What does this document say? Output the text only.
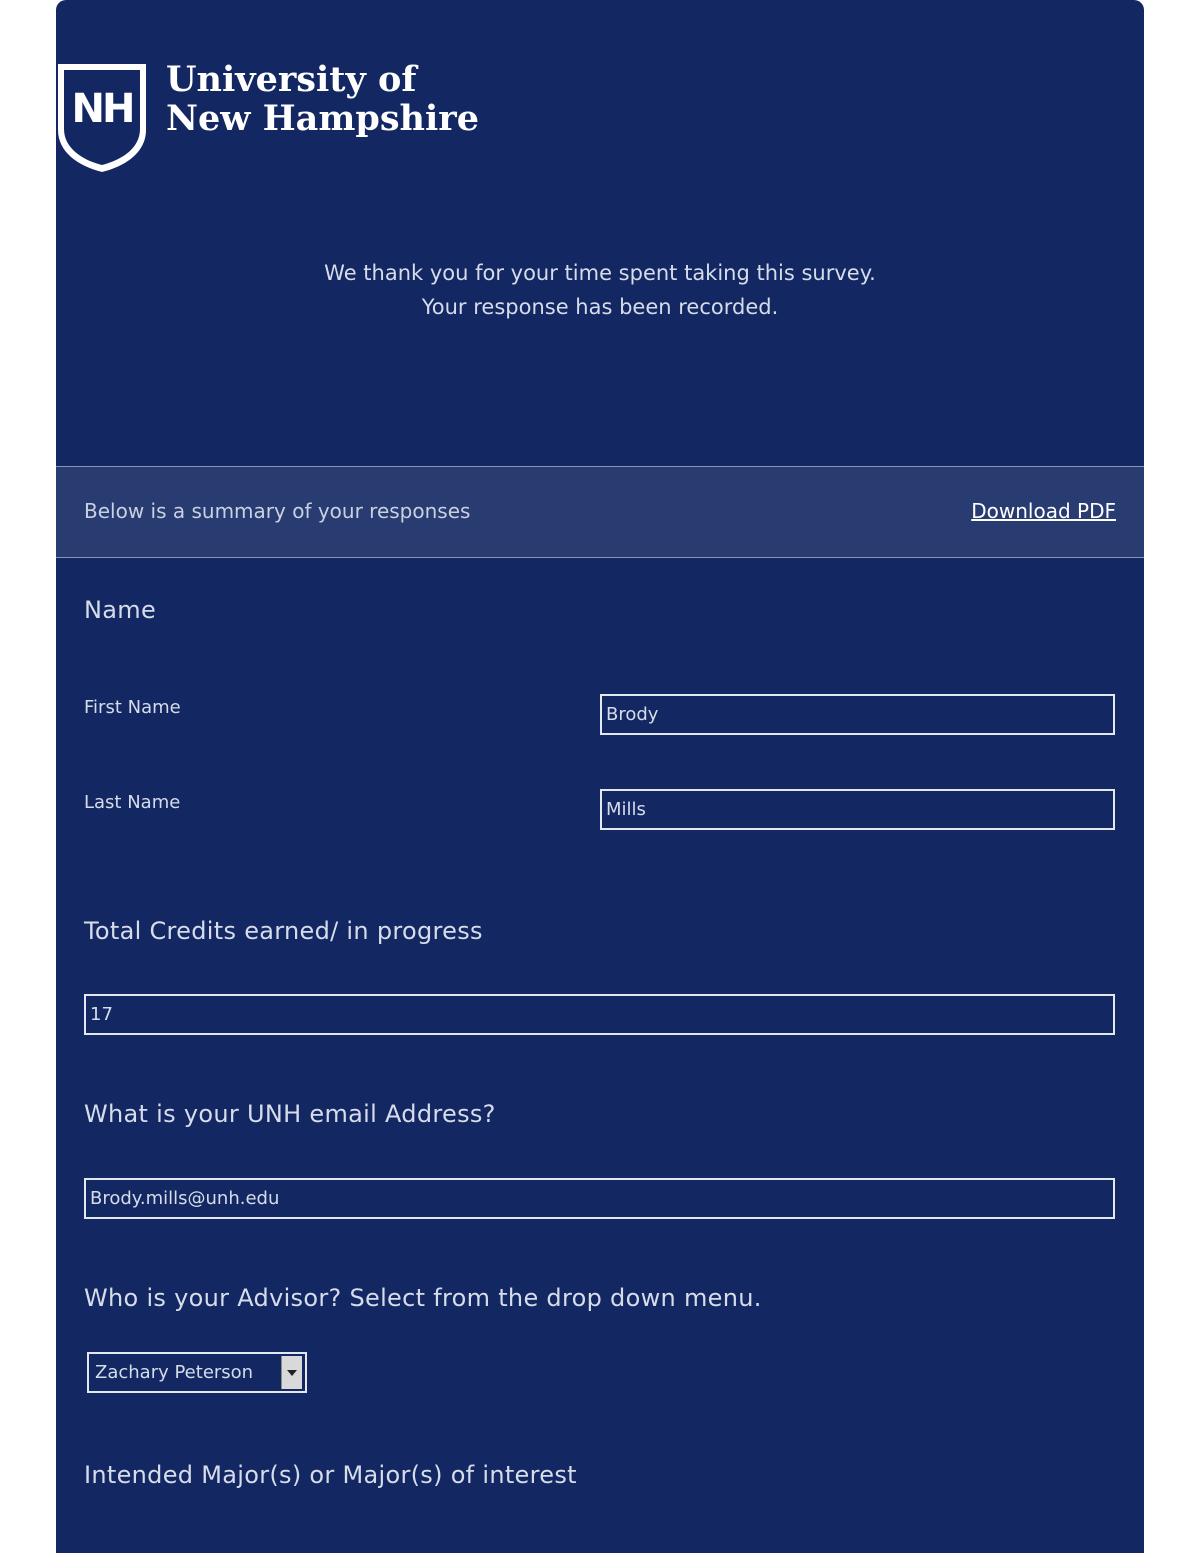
NH
University of
New Hampshire
We thank you for your time spent taking this survey.
Your response has been recorded.
Below is a summary of your responses	Download PDF
Name
First Name
Brody
Last Name
Mills
Total Credits earned/ in progress
17
What is your UNH email Address?
Brody.mills@unh.edu
Who is your Advisor? Select from the drop down menu.
Zachary Peterson
Intended Major(s) or Major(s) of interest
